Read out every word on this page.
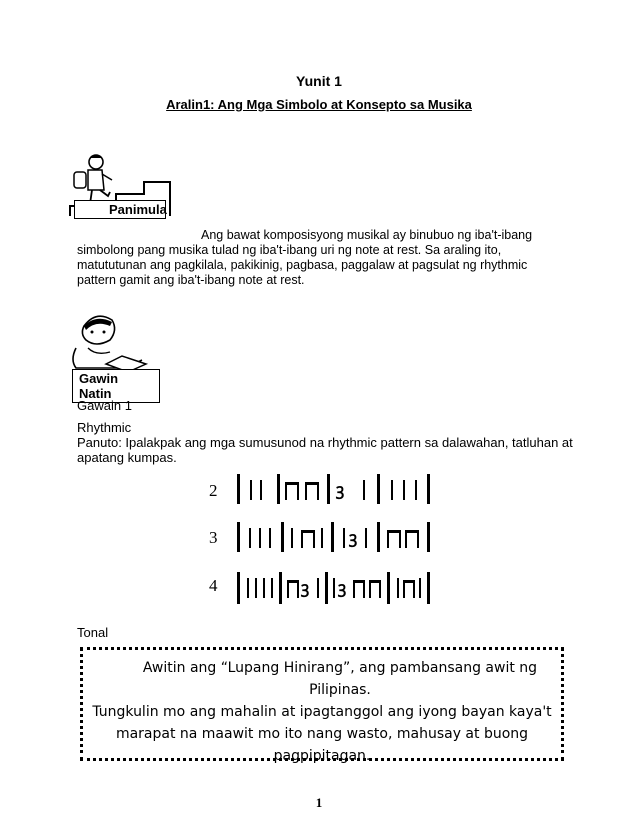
Yunit 1
Aralin1: Ang Mga Simbolo at Konsepto sa Musika
Panimula
Ang bawat komposisyong musikal ay binubuo ng iba't-ibang
simbolong pang musika tulad ng iba't-ibang uri ng note at rest. Sa araling ito,
matututunan ang pagkilala, pakikinig, pagbasa, paggalaw at pagsulat ng rhythmic
pattern gamit ang iba't-ibang note at rest.
Gawin Natin
Gawain 1
Rhythmic
Panuto: Ipalakpak ang mga sumusunod na rhythmic pattern sa dalawahan, tatluhan at
apatang kumpas.
2	ꝫ
3	ꝫ
4	ꝫ ꝫ
Tonal
Awitin ang “Lupang Hinirang”, ang pambansang awit ng Pilipinas.
Tungkulin mo ang mahalin at ipagtanggol ang iyong bayan kaya't
marapat na maawit mo ito nang wasto, mahusay at buong
pagpipitagan.
1
